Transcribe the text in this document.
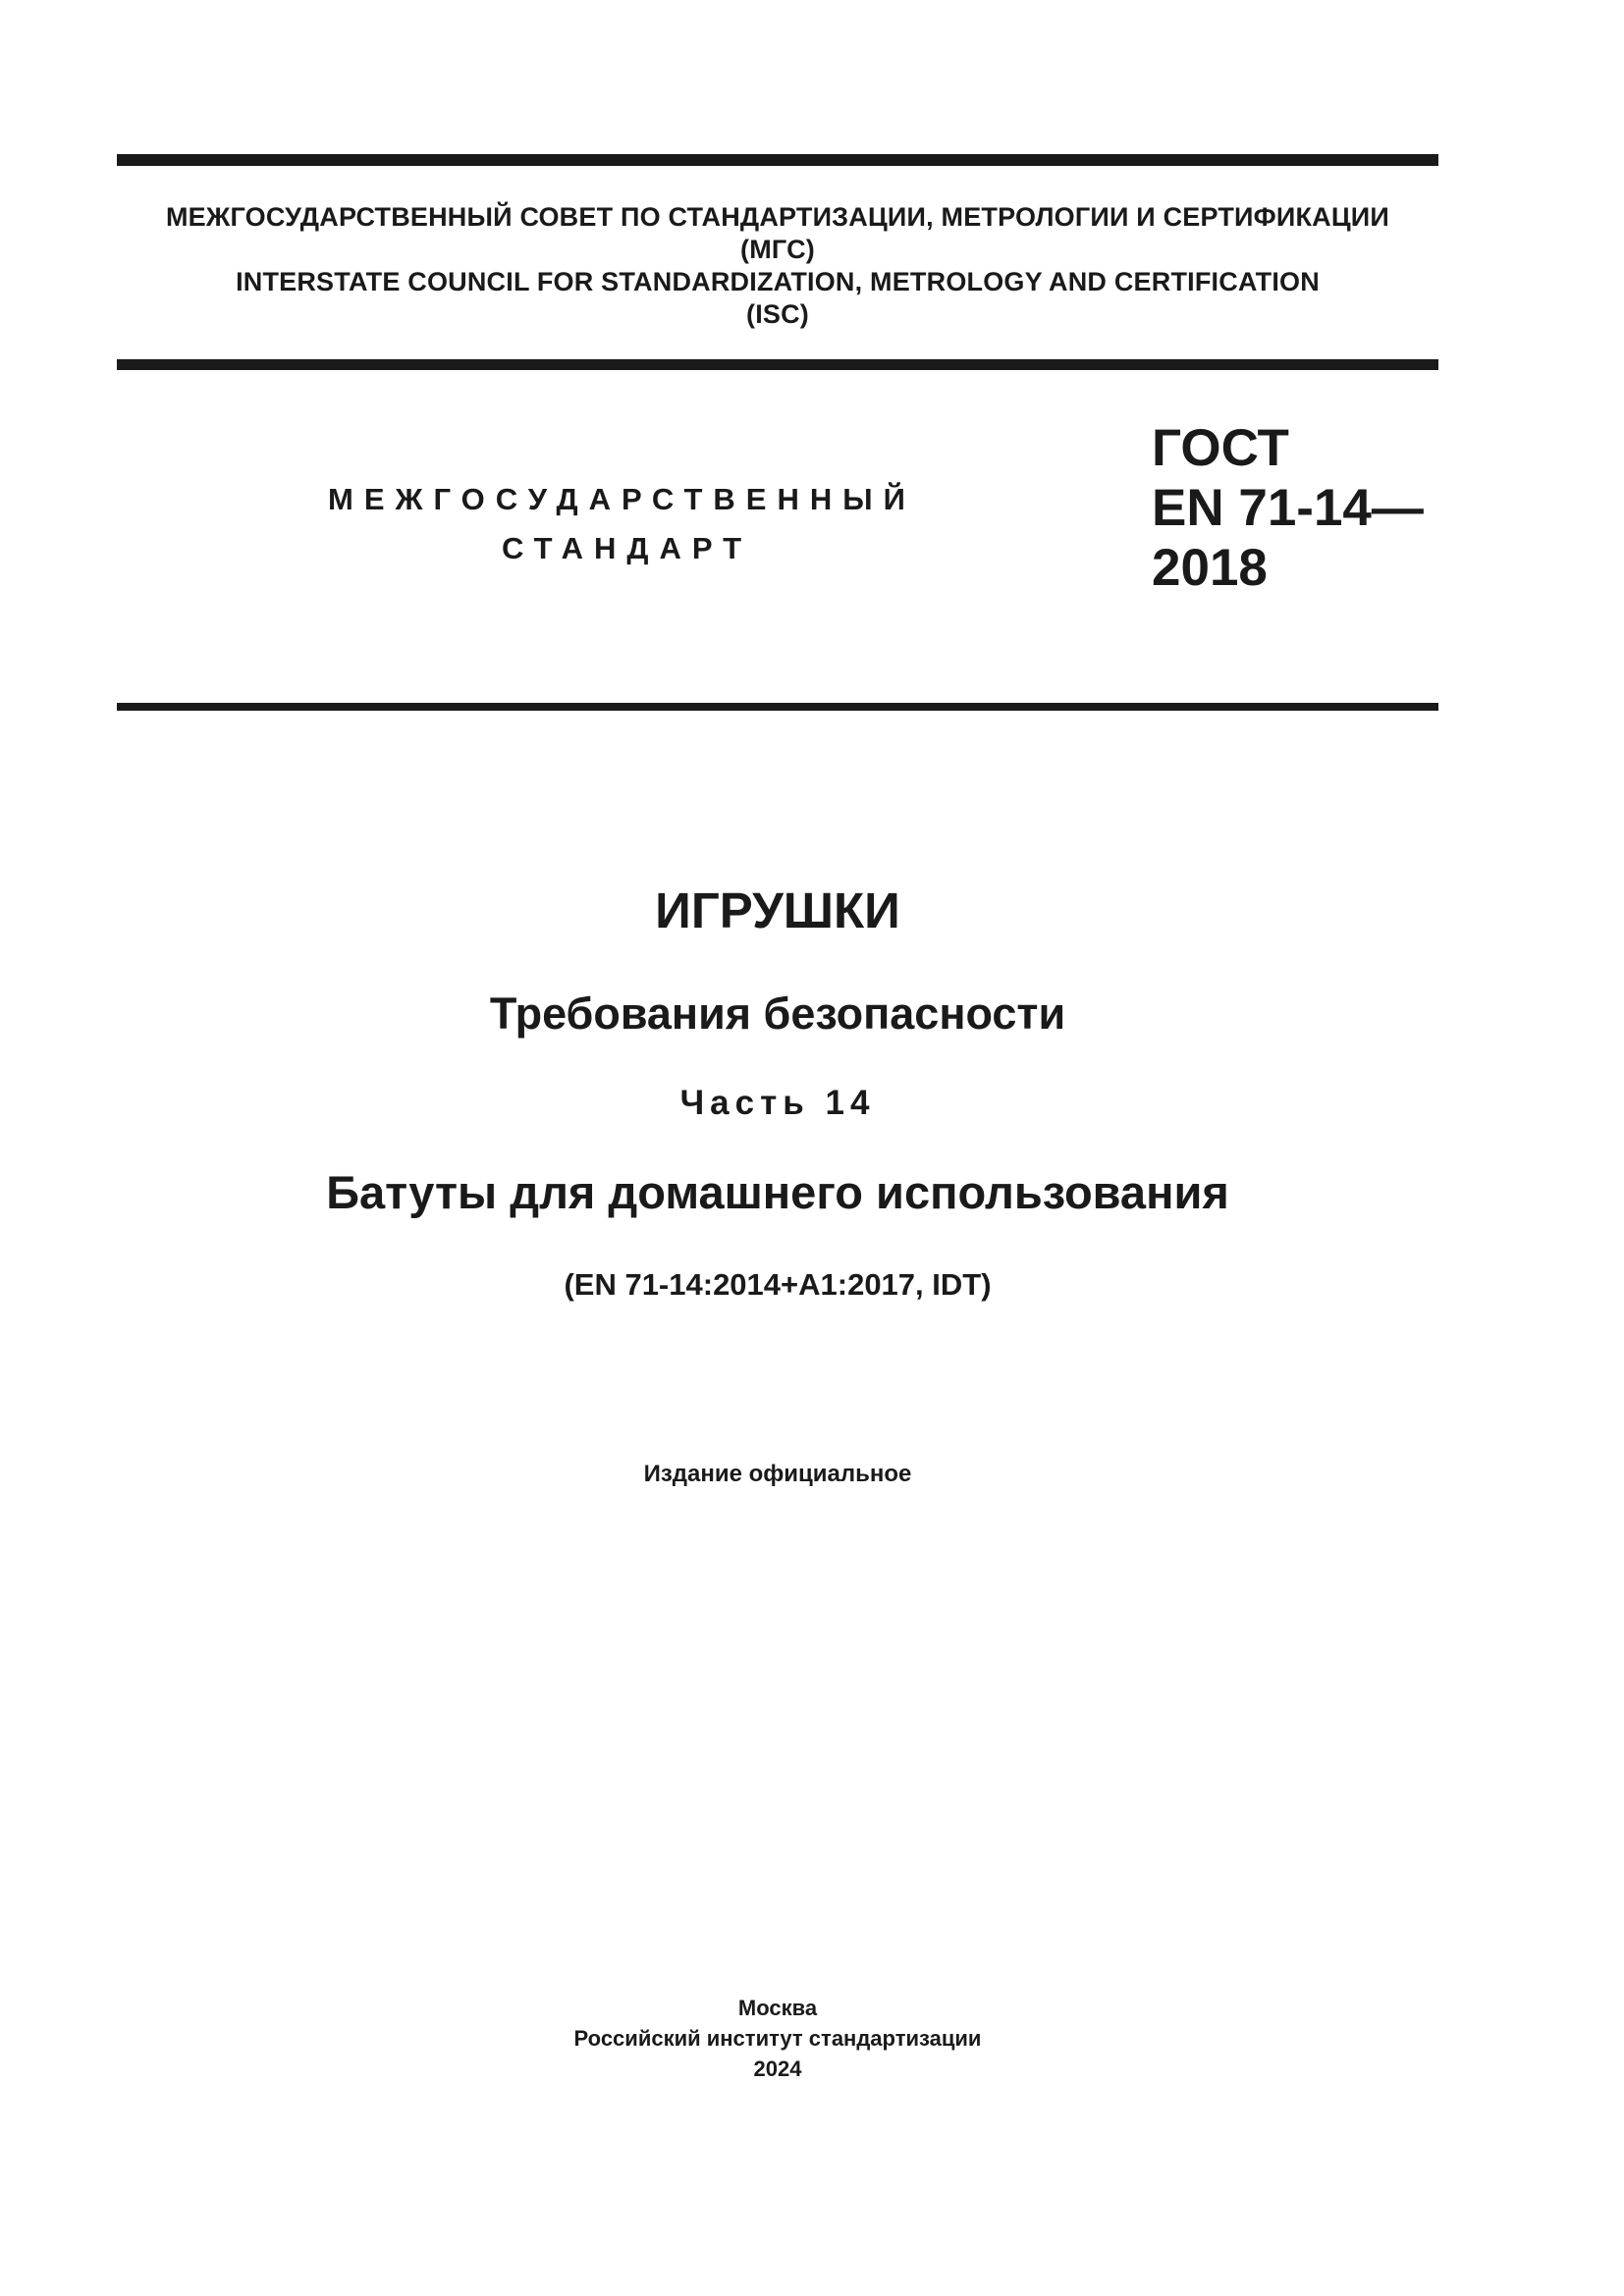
МЕЖГОСУДАРСТВЕННЫЙ СОВЕТ ПО СТАНДАРТИЗАЦИИ, МЕТРОЛОГИИ И СЕРТИФИКАЦИИ
(МГС)
INTERSTATE COUNCIL FOR STANDARDIZATION, METROLOGY AND CERTIFICATION
(ISC)
МЕЖГОСУДАРСТВЕННЫЙ
СТАНДАРТ
ГОСТ
EN 71-14—
2018
ИГРУШКИ
Требования безопасности
Часть 14
Батуты для домашнего использования
(EN 71-14:2014+A1:2017, IDT)
Издание официальное
Москва
Российский институт стандартизации
2024
